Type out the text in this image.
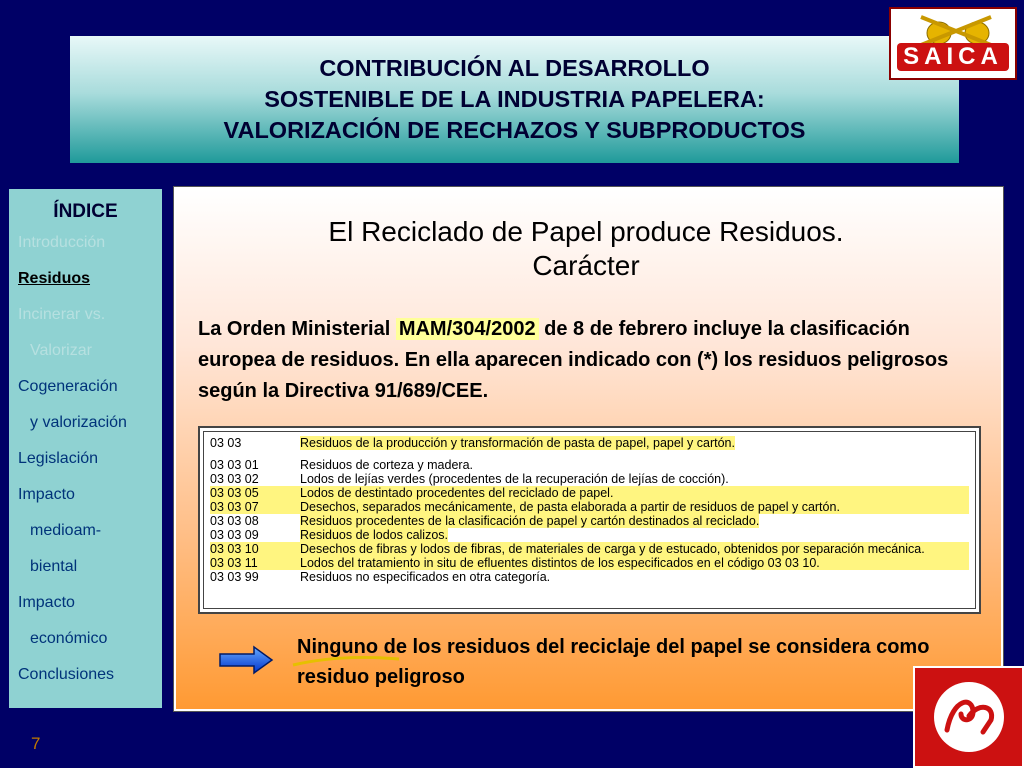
CONTRIBUCIÓN AL DESARROLLO
SOSTENIBLE DE LA INDUSTRIA PAPELERA:
VALORIZACIÓN DE RECHAZOS Y SUBPRODUCTOS
SAICA
ÍNDICE
Introducción
Residuos
Incinerar vs.
Valorizar
Cogeneración
y valorización
Legislación
Impacto
medioam-
biental
Impacto
económico
Conclusiones
7
El Reciclado de Papel produce Residuos.
Carácter
La Orden Ministerial MAM/304/2002 de 8 de febrero incluye la clasificación europea de residuos. En ella aparecen indicado con (*) los residuos peligrosos según la Directiva 91/689/CEE.
03 03	Residuos de la producción y transformación de pasta de papel, papel y cartón.
03 03 01	Residuos de corteza y madera.
03 03 02	Lodos de lejías verdes (procedentes de la recuperación de lejías de cocción).
03 03 05	Lodos de destintado procedentes del reciclado de papel.
03 03 07	Desechos, separados mecánicamente, de pasta elaborada a partir de residuos de papel y cartón.
03 03 08	Residuos procedentes de la clasificación de papel y cartón destinados al reciclado.
03 03 09	Residuos de lodos calizos.
03 03 10	Desechos de fibras y lodos de fibras, de materiales de carga y de estucado, obtenidos por separación mecánica.
03 03 11	Lodos del tratamiento in situ de efluentes distintos de los especificados en el código 03 03 10.
03 03 99	Residuos no especificados en otra categoría.
Ninguno de los residuos del reciclaje del papel se considera como residuo peligroso
